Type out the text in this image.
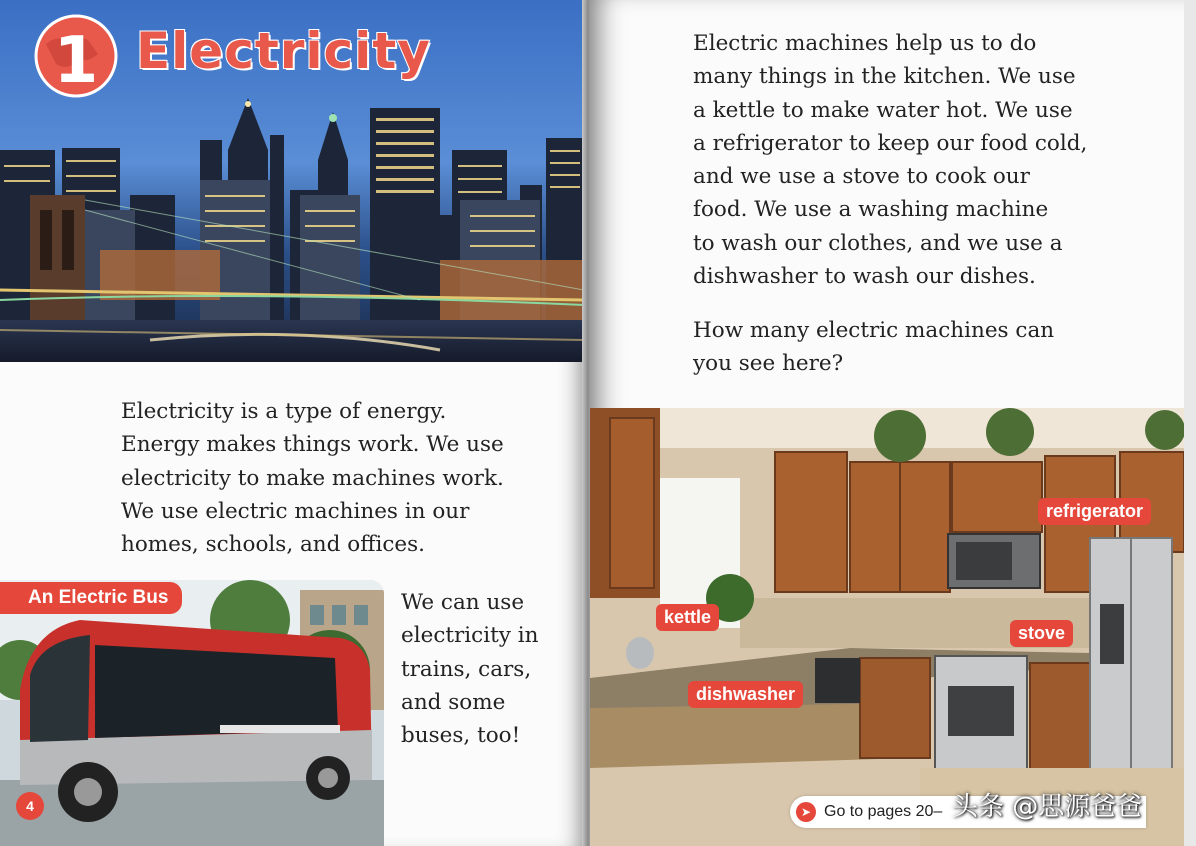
1 Electricity
Electricity is a type of energy.
Energy makes things work. We use
electricity to make machines work.
We use electric machines in our
homes, schools, and offices.
An Electric Bus
4
We can use
electricity in
trains, cars,
and some
buses, too!
Electric machines help us to do
many things in the kitchen. We use
a kettle to make water hot. We use
a refrigerator to keep our food cold,
and we use a stove to cook our
food. We use a washing machine
to wash our clothes, and we use a
dishwasher to wash our dishes.
How many electric machines can
you see here?
refrigerator
kettle
stove
dishwasher
➤ Go to pages 20– 头条 @思源爸爸
